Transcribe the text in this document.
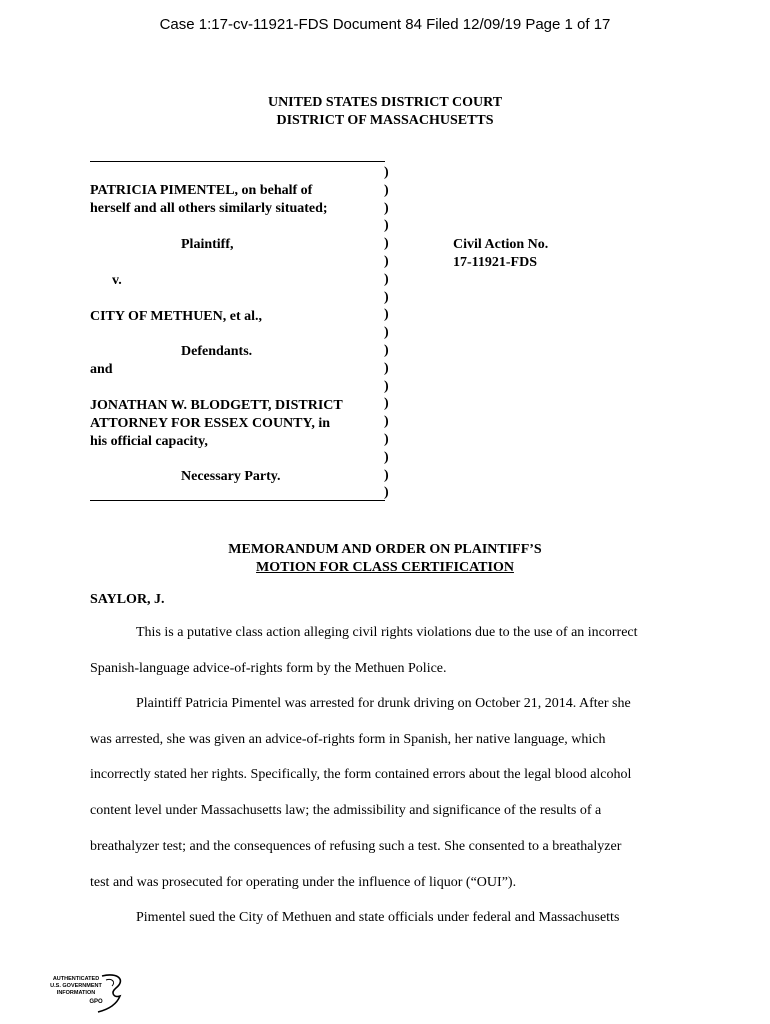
Case 1:17-cv-11921-FDS Document 84 Filed 12/09/19 Page 1 of 17
UNITED STATES DISTRICT COURT
DISTRICT OF MASSACHUSETTS
)
)
)
)
)
)
)
)
)
)
)
)
)
)
)
)
)
)
)
PATRICIA PIMENTEL, on behalf of
herself and all others similarly situated;
Plaintiff,
v.
CITY OF METHUEN, et al.,
Defendants.
and
JONATHAN W. BLODGETT, DISTRICT
ATTORNEY FOR ESSEX COUNTY, in
his official capacity,
Necessary Party.
Civil Action No.
17-11921-FDS
MEMORANDUM AND ORDER ON PLAINTIFF’S
MOTION FOR CLASS CERTIFICATION
SAYLOR, J.
This is a putative class action alleging civil rights violations due to the use of an incorrect
Spanish-language advice-of-rights form by the Methuen Police.
Plaintiff Patricia Pimentel was arrested for drunk driving on October 21, 2014. After she
was arrested, she was given an advice-of-rights form in Spanish, her native language, which
incorrectly stated her rights. Specifically, the form contained errors about the legal blood alcohol
content level under Massachusetts law; the admissibility and significance of the results of a
breathalyzer test; and the consequences of refusing such a test. She consented to a breathalyzer
test and was prosecuted for operating under the influence of liquor (“OUI”).
Pimentel sued the City of Methuen and state officials under federal and Massachusetts
AUTHENTICATED
U.S. GOVERNMENT
INFORMATION
GPO
